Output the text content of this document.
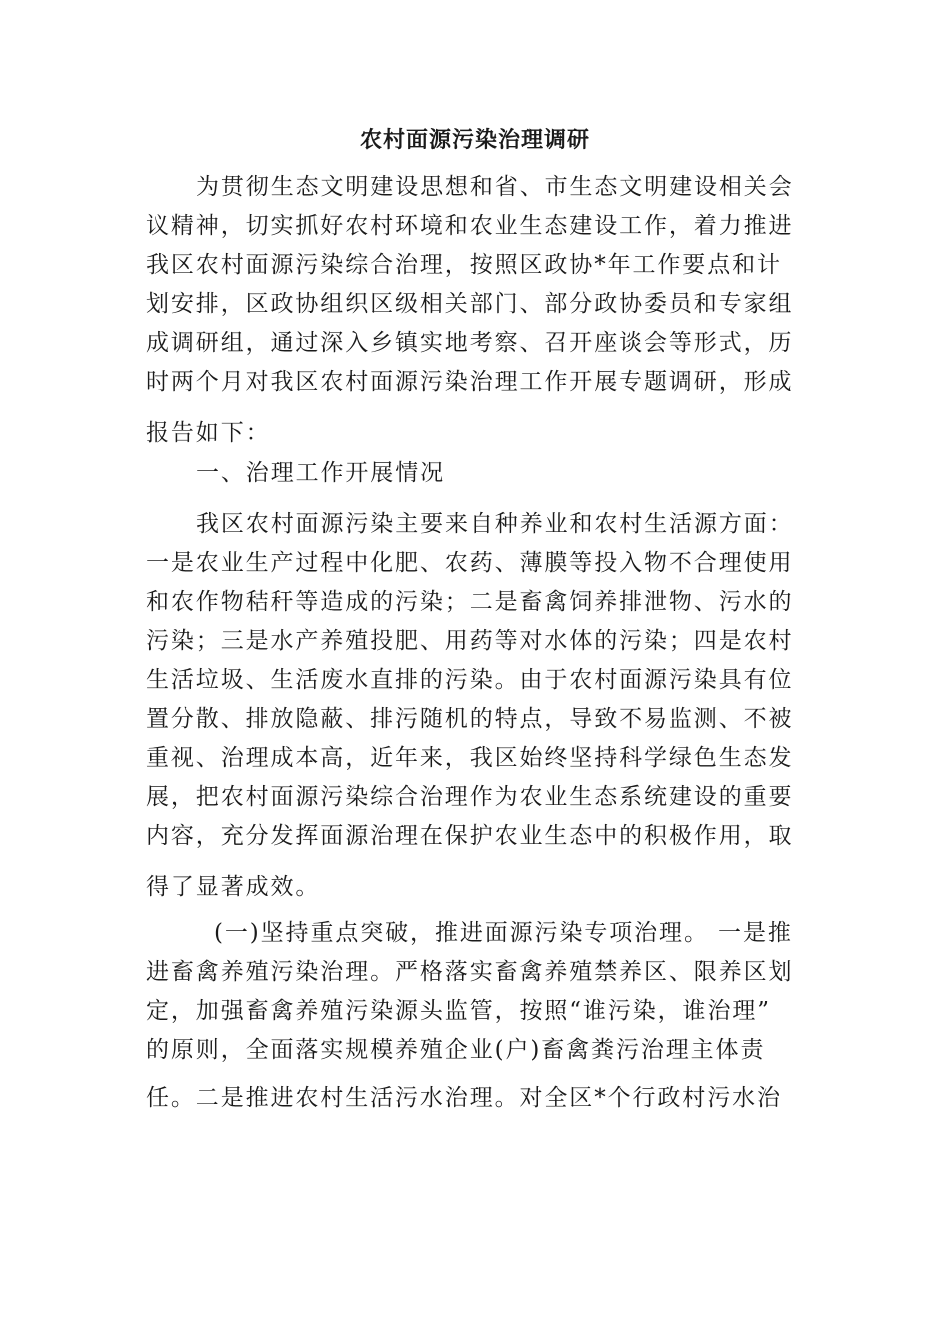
农村面源污染治理调研
为贯彻生态文明建设思想和省、市生态文明建设相关会
议精神，切实抓好农村环境和农业生态建设工作，着力推进
我区农村面源污染综合治理，按照区政协*年工作要点和计
划安排，区政协组织区级相关部门、部分政协委员和专家组
成调研组，通过深入乡镇实地考察、召开座谈会等形式，历
时两个月对我区农村面源污染治理工作开展专题调研，形成
报告如下：
一、治理工作开展情况
我区农村面源污染主要来自种养业和农村生活源方面：
一是农业生产过程中化肥、农药、薄膜等投入物不合理使用
和农作物秸秆等造成的污染；二是畜禽饲养排泄物、污水的
污染；三是水产养殖投肥、用药等对水体的污染；四是农村
生活垃圾、生活废水直排的污染。由于农村面源污染具有位
置分散、排放隐蔽、排污随机的特点，导致不易监测、不被
重视、治理成本高，近年来，我区始终坚持科学绿色生态发
展，把农村面源污染综合治理作为农业生态系统建设的重要
内容，充分发挥面源治理在保护农业生态中的积极作用，取
得了显著成效。
(一)坚持重点突破，推进面源污染专项治理。 一是推
进畜禽养殖污染治理。严格落实畜禽养殖禁养区、限养区划
定，加强畜禽养殖污染源头监管，按照“谁污染，谁治理”
的原则，全面落实规模养殖企业(户)畜禽粪污治理主体责
任。二是推进农村生活污水治理。对全区*个行政村污水治
